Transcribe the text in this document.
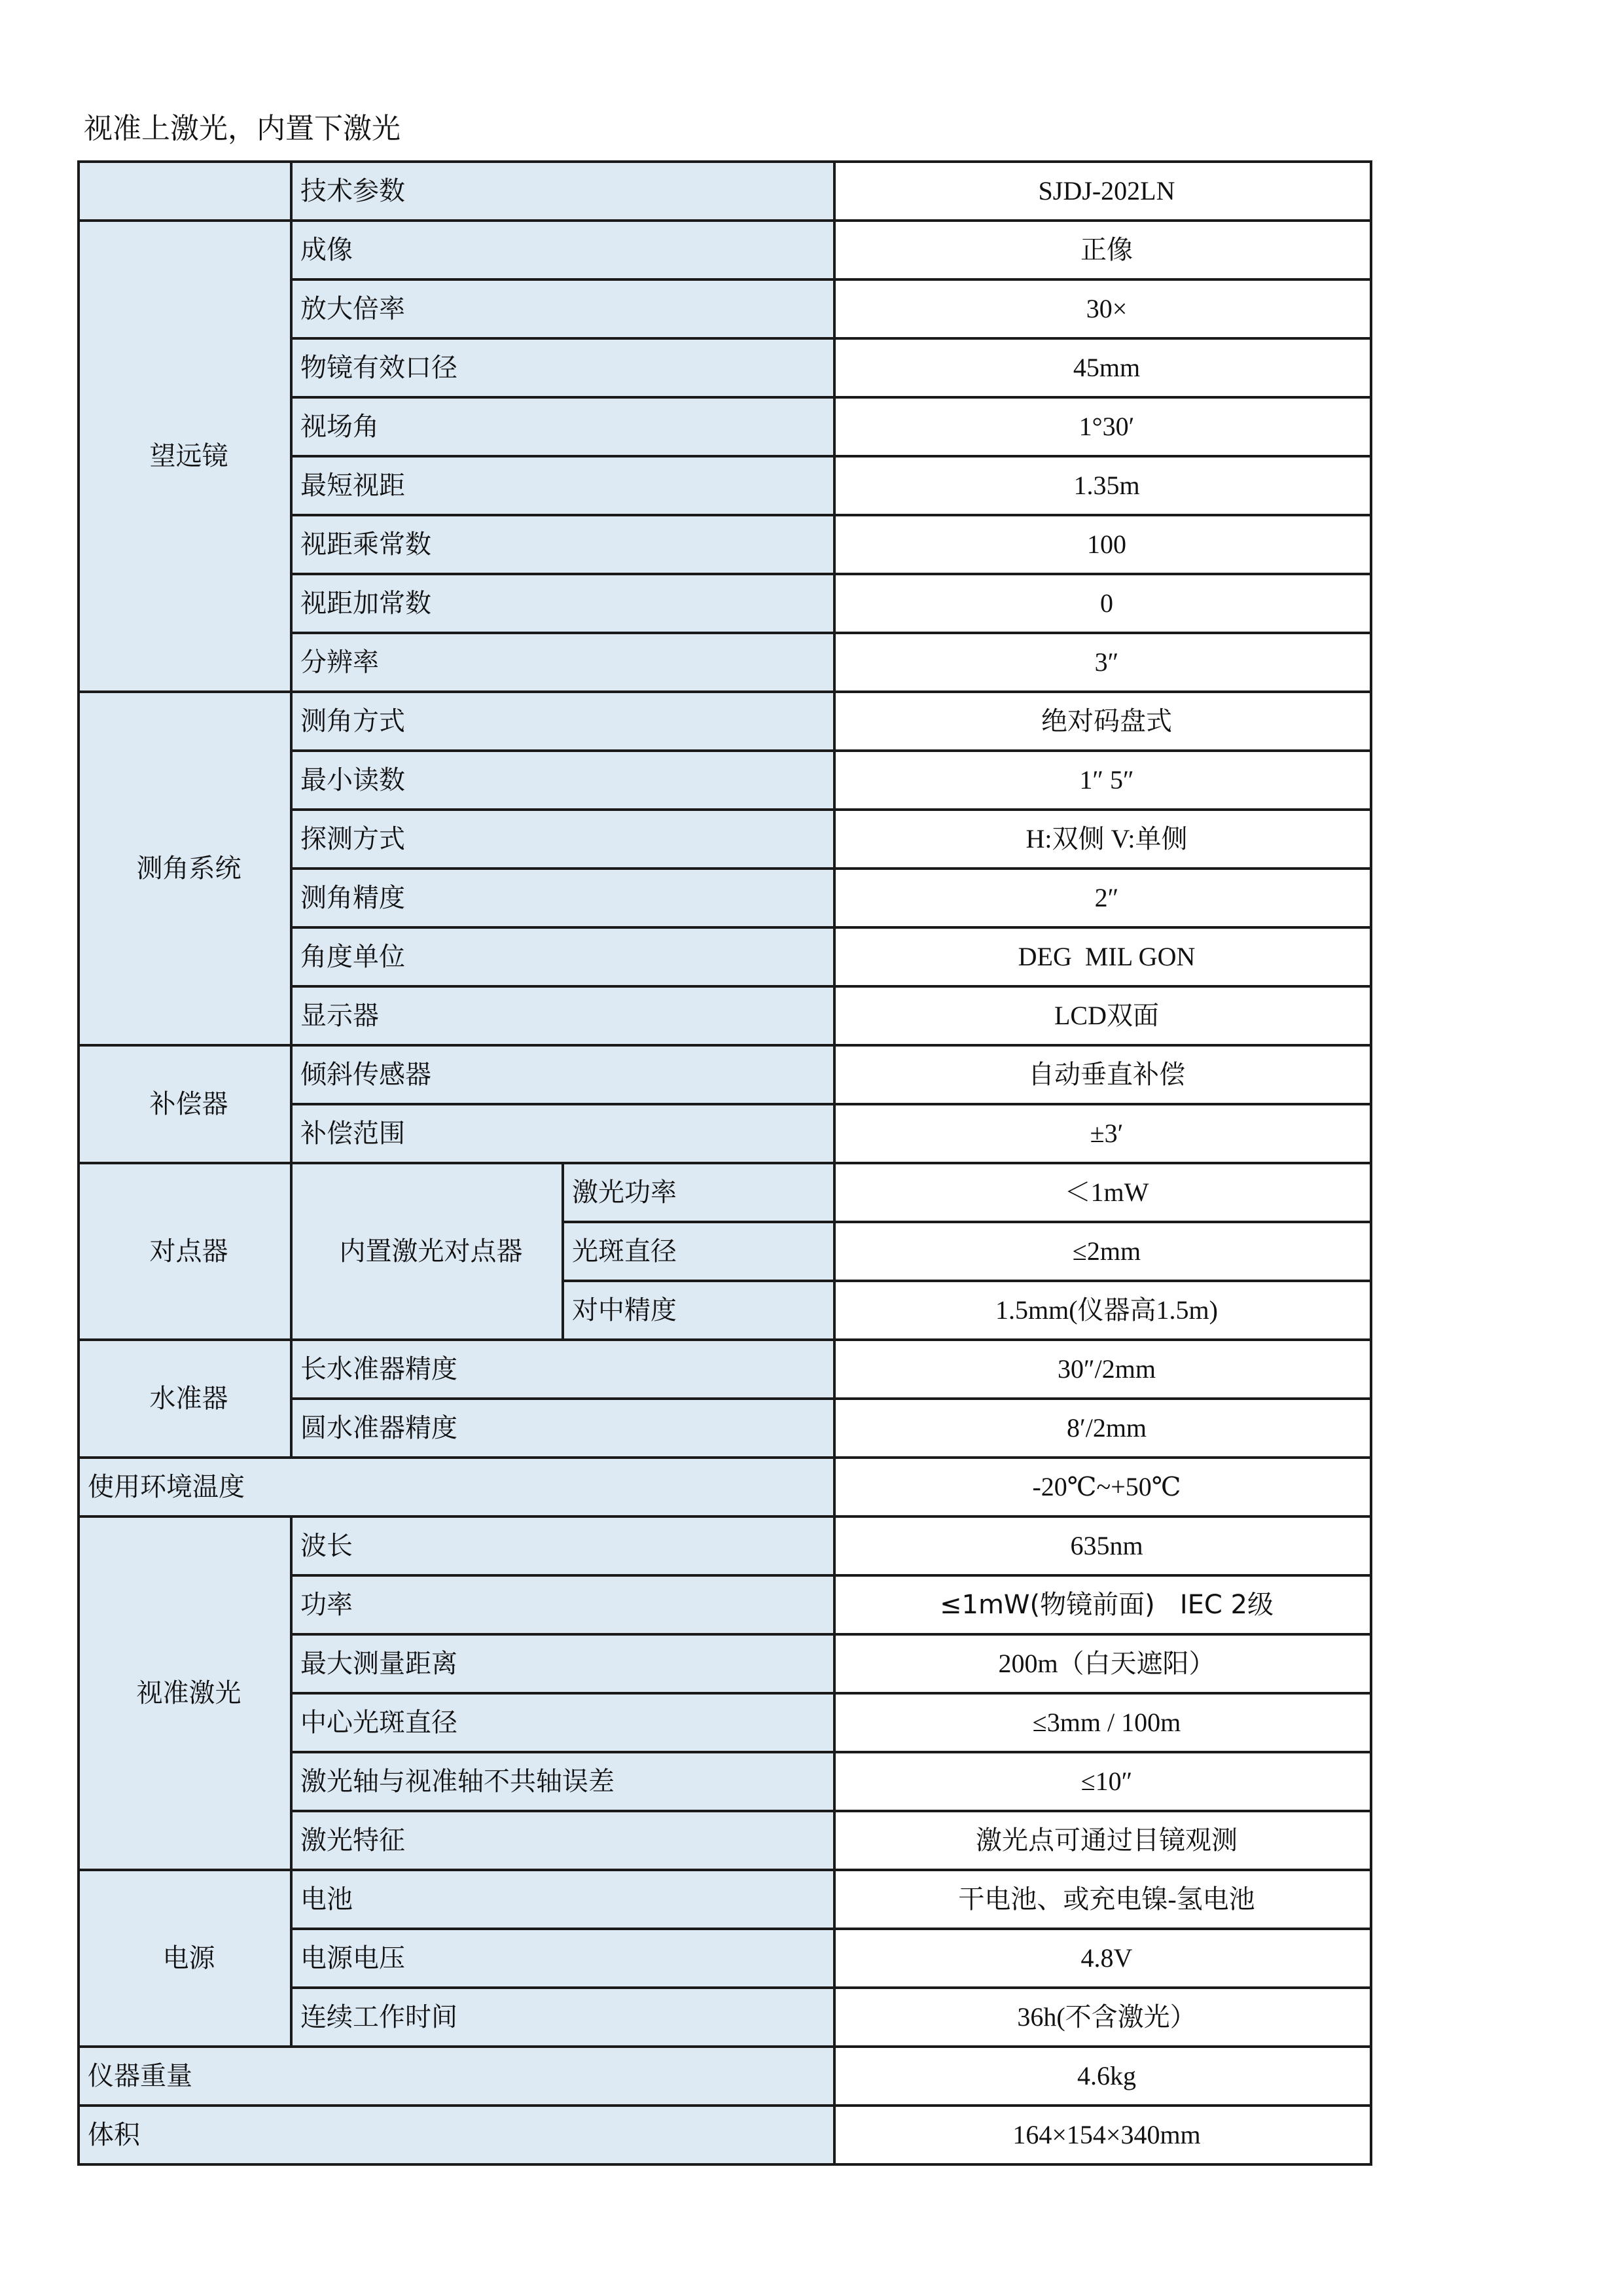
视准上激光，内置下激光
	技术参数		SJDJ-202LN
望远镜	成像		正像
	放大倍率		30×
	物镜有效口径		45mm
	视场角		1°30′
	最短视距		1.35m
	视距乘常数		100
	视距加常数		0
	分辨率		3″
测角系统	测角方式		绝对码盘式
	最小读数		1″ 5″
	探测方式		H:双侧 V:单侧
	测角精度		2″
	角度单位		DEG  MIL GON
	显示器		LCD双面
补偿器	倾斜传感器		自动垂直补偿
	补偿范围		±3′
对点器	内置激光对点器	激光功率	＜1mW
		光斑直径	≤2mm
		对中精度	1.5mm(仪器高1.5m)
水准器	长水准器精度		30″/2mm
	圆水准器精度		8′/2mm
使用环境温度			-20℃~+50℃
视准激光	波长		635nm
	功率		≤1mW(物镜前面)   IEC 2级
	最大测量距离		200m（白天遮阳）
	中心光斑直径		≤3mm / 100m
	激光轴与视准轴不共轴误差		≤10″
	激光特征		激光点可通过目镜观测
电源	电池		干电池、或充电镍-氢电池
	电源电压		4.8V
	连续工作时间		36h(不含激光）
仪器重量			4.6kg
体积			164×154×340mm
